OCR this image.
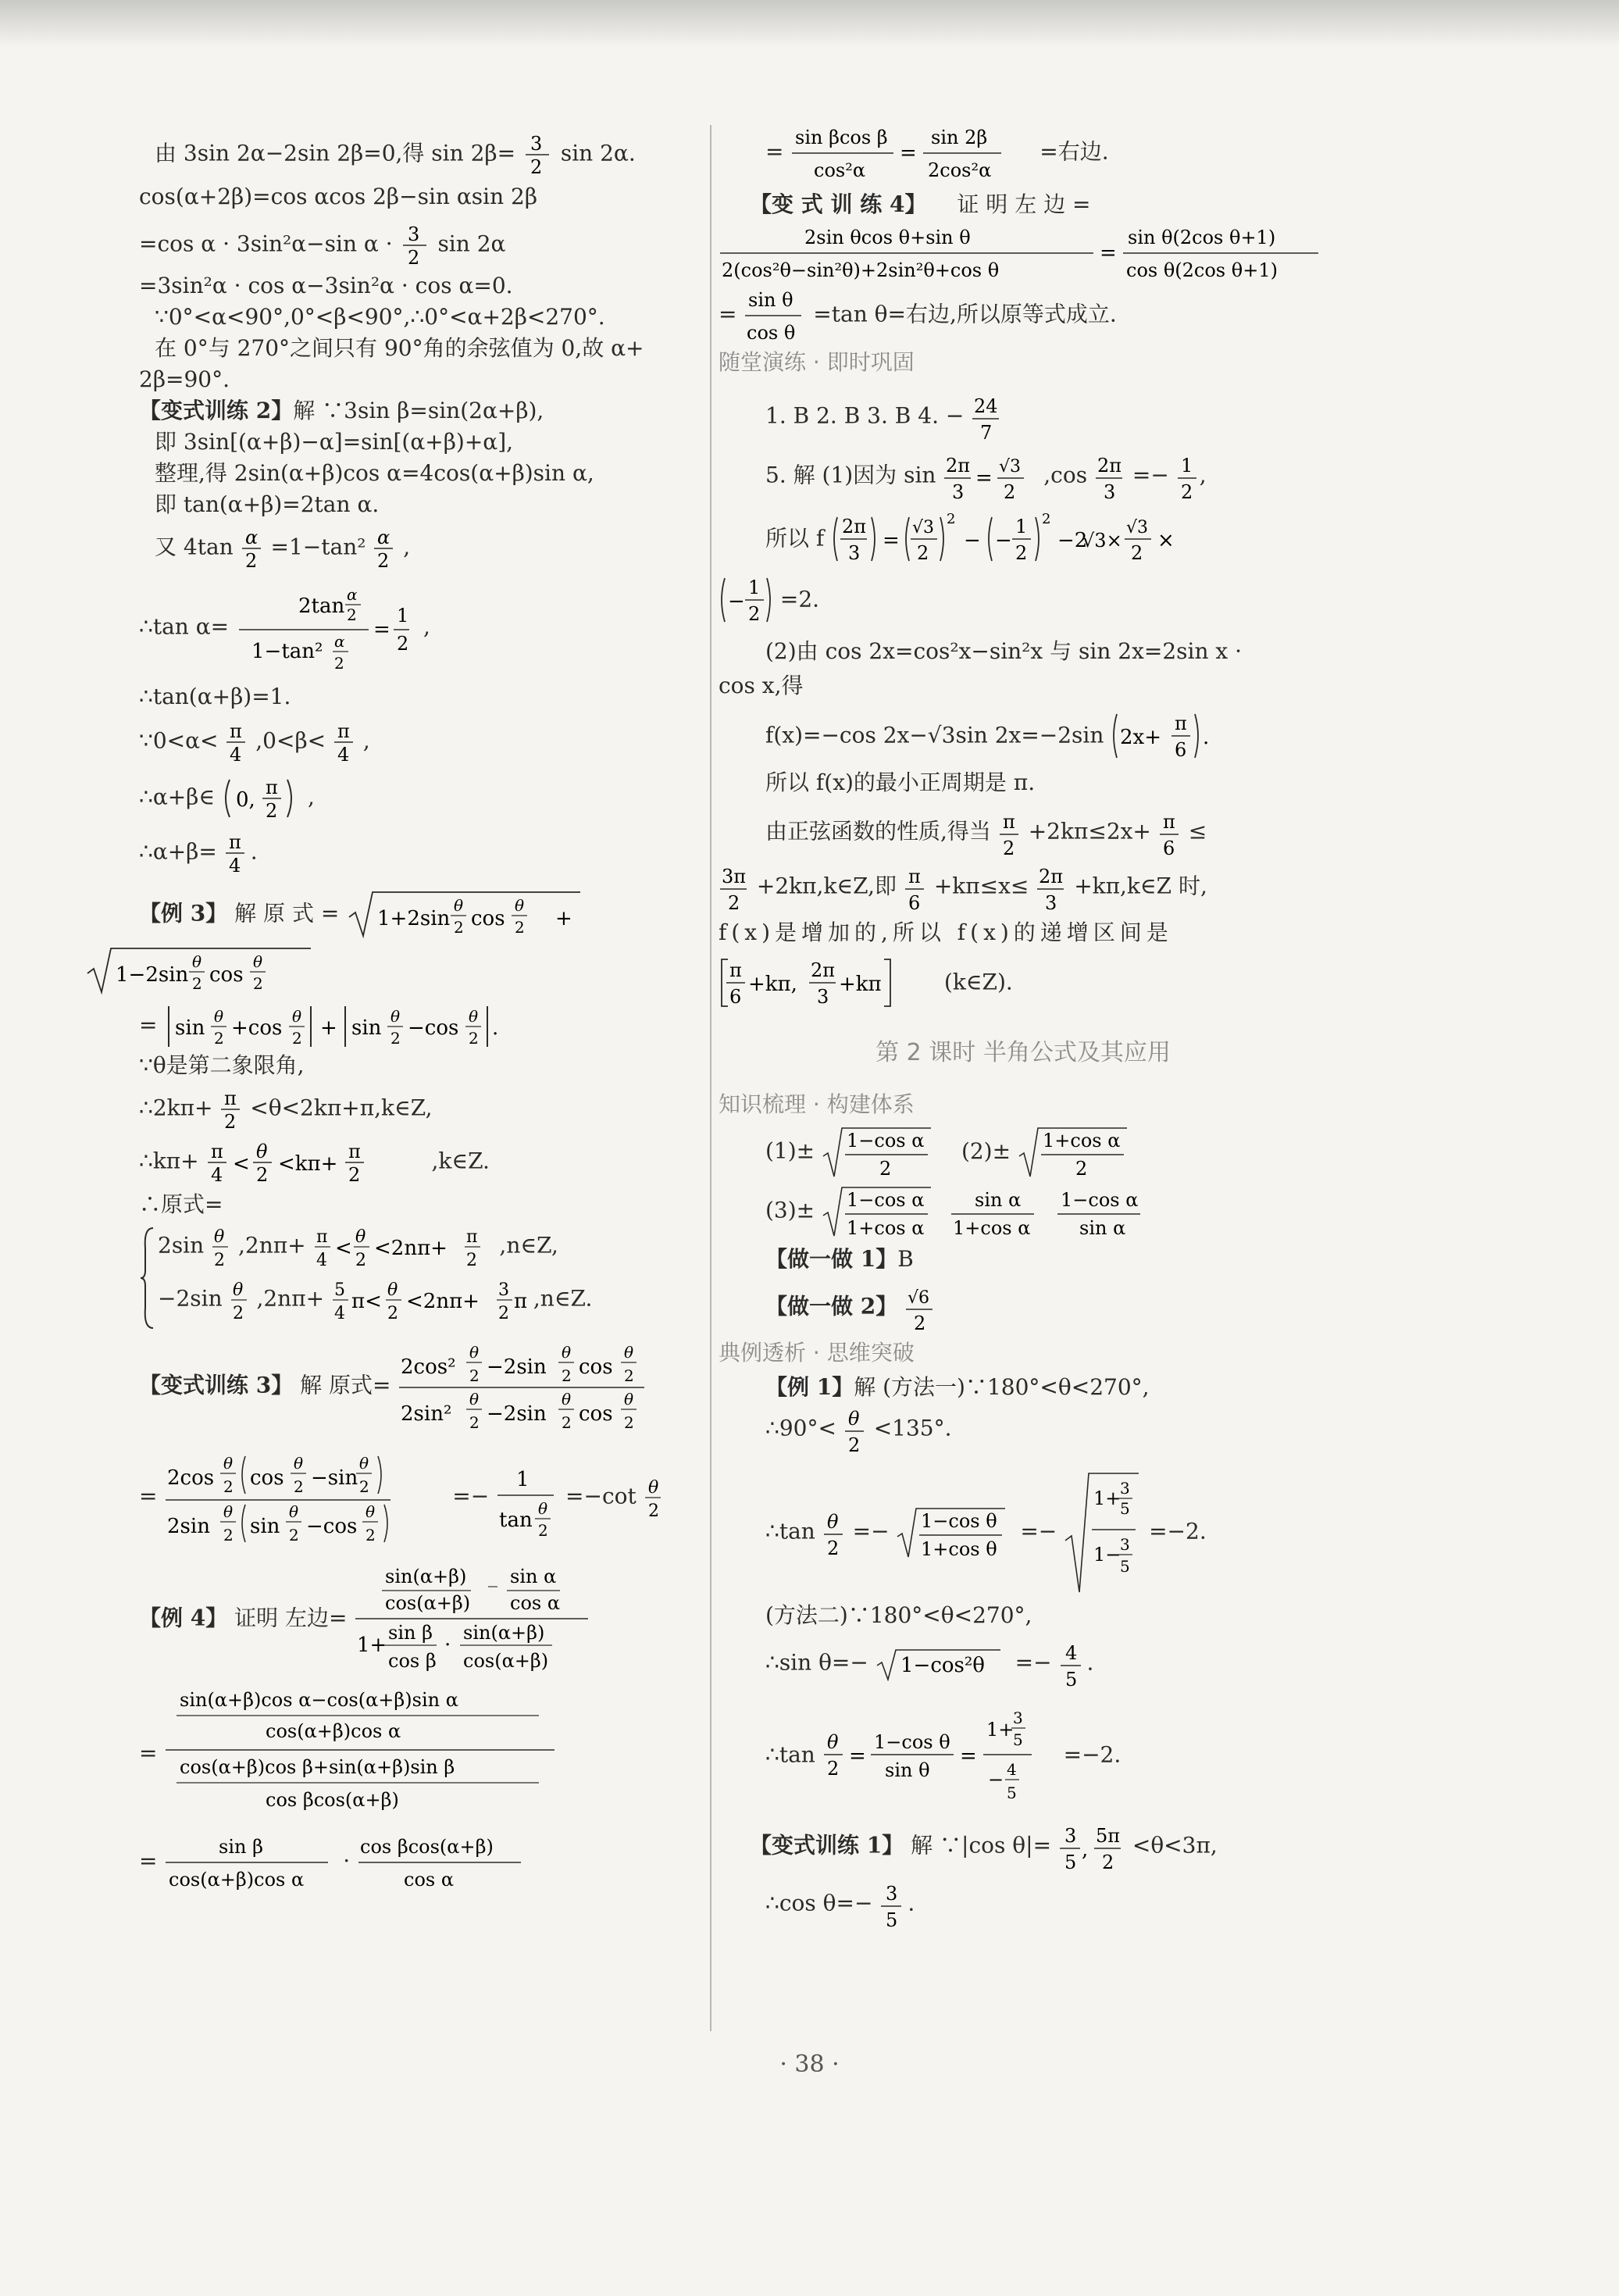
由 3sin 2α−2sin 2β=0,得 sin 2β= 3
2
sin 2α.
cos(α+2β)=cos αcos 2β−sin αsin 2β
=cos α · 3sin²α−sin α · 3
2
sin 2α
=3sin²α · cos α−3sin²α · cos α=0.
∵0°<α<90°,0°<β<90°,∴0°<α+2β<270°.
在 0°与 270°之间只有 90°角的余弦值为 0,故 α+
2β=90°.
【变式训练 2】解 ∵3sin β=sin(2α+β),
即 3sin[(α+β)−α]=sin[(α+β)+α],
整理,得 2sin(α+β)cos α=4cos(α+β)sin α,
即 tan(α+β)=2tan α.
又 4tan α
2
=1−tan² α
2
,
∴tan α=
2tan α
2
1−tan² α
2
=
1
2
,
∴tan(α+β)=1.
∵0<α< π
4
,0<β< π
4
,
∴α+β∈ 0,
π
2
,
∴α+β= π
4
.
【例 3】 解 原 式 = 1+2sin
θ
2 cos
θ
2 +
1−2sin
θ
2 cos
θ
2
= sin θ
2 +cos θ
2 + sin θ
2 −cos θ
2 .
∵θ是第二象限角,
∴2kπ+ π
2
<θ<2kπ+π,k∈Z,
∴kπ+ π
4 <
θ
2 <kπ+
π
2
,k∈Z.
∴原式=
2sin θ
2
,2nπ+ π
4
< θ
2
<2nπ+ π
2
,n∈Z,
−2sin θ
2
,2nπ+ 5
4
π< θ
2
<2nπ+ 3
2
π ,n∈Z.
【变式训练 3】 解 原式=
2cos²
θ
2 −2sin
θ
2 cos
θ
2
2sin²
θ
2 −2sin
θ
2 cos
θ
2
=
2cos
θ
2 cos
θ
2 −sin
θ
2
2sin
θ
2 sin
θ
2 −cos
θ
2
=−
1
tan θ
2
=−cot θ
2
【例 4】 证明 左边=
sin(α+β) _ sin α
cos(α+β) cos α
1+
sin β
cos β
·
sin(α+β)
cos(α+β)
=
sin(α+β)cos α−cos(α+β)sin α
cos(α+β)cos α
cos(α+β)cos β+sin(α+β)sin β
cos βcos(α+β)
=
sin β
cos(α+β)cos α
·
cos βcos(α+β)
cos α
=
sin βcos β
cos²α
=
sin 2β
2cos²α
=右边.
【变 式 训 练 4】 证 明 左 边 =
2sin θcos θ+sin θ
2(cos²θ−sin²θ)+2sin²θ+cos θ
=
sin θ(2cos θ+1)
cos θ(2cos θ+1)
=
sin θ
cos θ
=tan θ=右边,所以原等式成立.
随堂演练 · 即时巩固
1. B 2. B 3. B 4. − 24
7
5. 解 (1)因为 sin 2π
3
= √3
2
,cos 2π
3
=− 1
2
,
所以 f 2π
3
=
√3
2
2
− −
1
2
2
−2
√3×
√3
2
×
−
1
2
=2.
(2)由 cos 2x=cos²x−sin²x 与 sin 2x=2sin x ·
cos x,得
f(x)=−cos 2x−√3sin 2x=−2sin 2x+
π
6
.
所以 f(x)的最小正周期是 π.
由正弦函数的性质,得当 π
2
+2kπ≤2x+ π
6
≤
3π
2
+2kπ,k∈Z,即 π
6
+kπ≤x≤ 2π
3
+kπ,k∈Z 时,
f(x)是增加的,所以 f(x)的递增区间是
π
6
+kπ,
2π
3
+kπ	(k∈Z).
第 2 课时 半角公式及其应用
知识梳理 · 构建体系
(1)± 1−cos α
2
(2)± 1+cos α
2
(3)± 1−cos α
1+cos α
sin α
1+cos α
1−cos α
sin α
【做一做 1】B
【做一做 2】 √6
2
典例透析 · 思维突破
【例 1】解 (方法一)∵180°<θ<270°,
∴90°< θ
2
<135°.
∴tan θ
2
=− 1−cos θ
1+cos θ
=−
1+
3
5
1−
3
5
=−2.
(方法二)∵180°<θ<270°,
∴sin θ=− 1−cos²θ =− 4
5
.
∴tan θ
2
=
1−cos θ
sin θ
=
1+
3
5
− 4
5
=−2.
【变式训练 1】 解 ∵|cos θ|= 3
5
,
5π
2
<θ<3π,
∴cos θ=− 3
5
.
· 38 ·
